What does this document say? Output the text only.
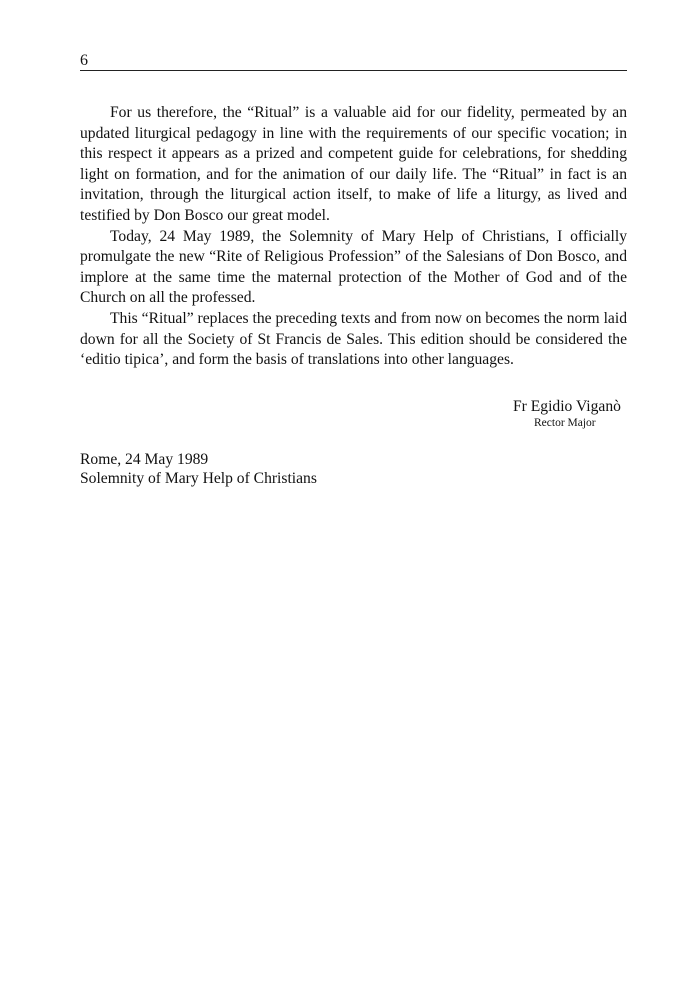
6

For us therefore, the “Ritual” is a valuable aid for our fidelity, permeated by an updated liturgical pedagogy in line with the requirements of our specific vocation; in this respect it appears as a prized and competent guide for celebrations, for shedding light on formation, and for the animation of our daily life. The “Ritual” in fact is an invitation, through the liturgical action itself, to make of life a liturgy, as lived and testified by Don Bosco our great model.

Today, 24 May 1989, the Solemnity of Mary Help of Christians, I officially promulgate the new “Rite of Religious Profession” of the Salesians of Don Bosco, and implore at the same time the maternal protection of the Mother of God and of the Church on all the professed.

This “Ritual” replaces the preceding texts and from now on becomes the norm laid down for all the Society of St Francis de Sales. This edition should be considered the ‘editio tipica’, and form the basis of translations into other languages.

Fr Egidio Viganò
Rector Major
Rome, 24 May 1989
Solemnity of Mary Help of Christians
